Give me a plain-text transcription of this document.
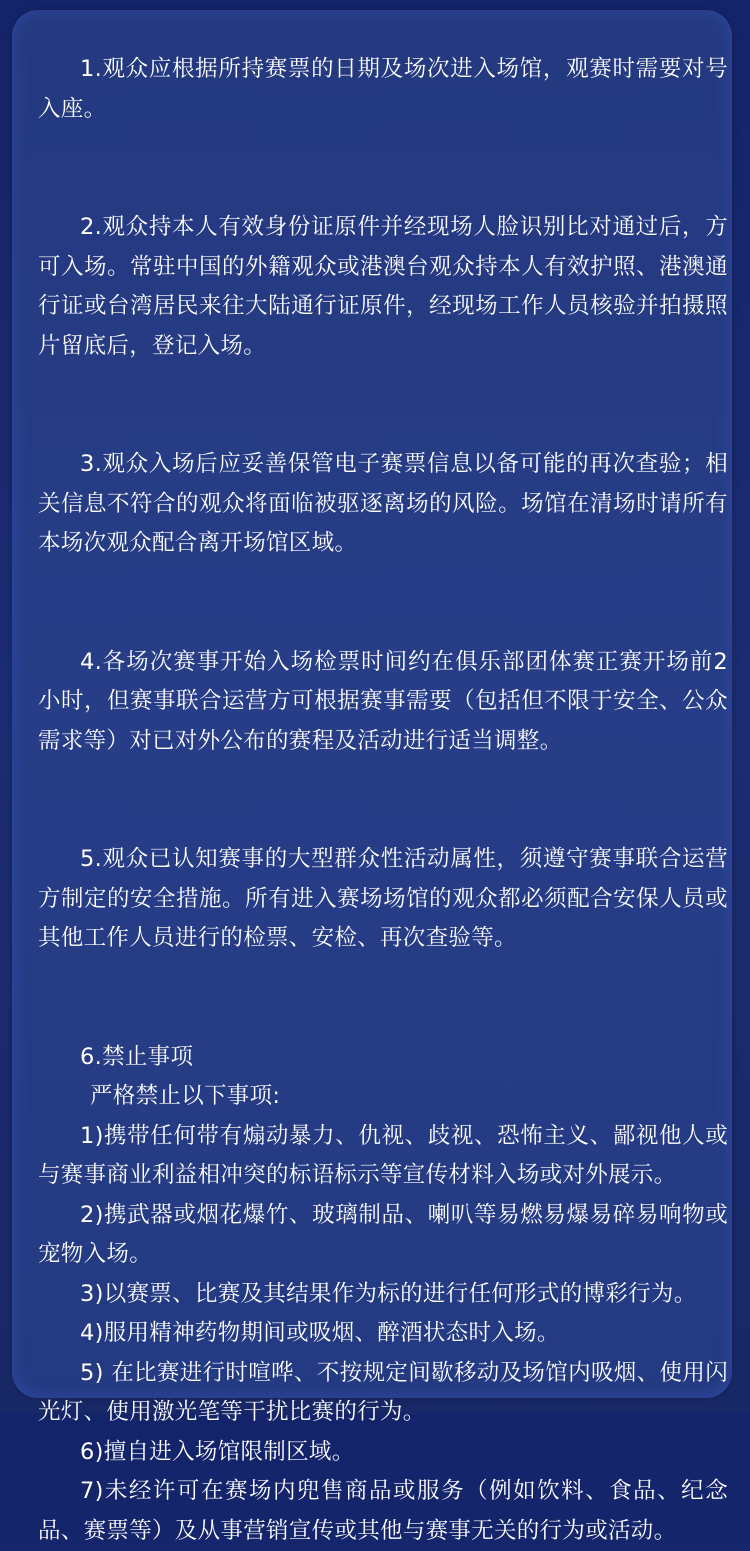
1.观众应根据所持赛票的日期及场次进入场馆，观赛时需要对号入座。

2.观众持本人有效身份证原件并经现场人脸识别比对通过后，方可入场。常驻中国的外籍观众或港澳台观众持本人有效护照、港澳通行证或台湾居民来往大陆通行证原件，经现场工作人员核验并拍摄照片留底后，登记入场。

3.观众入场后应妥善保管电子赛票信息以备可能的再次查验；相关信息不符合的观众将面临被驱逐离场的风险。场馆在清场时请所有本场次观众配合离开场馆区域。

4.各场次赛事开始入场检票时间约在俱乐部团体赛正赛开场前2小时，但赛事联合运营方可根据赛事需要（包括但不限于安全、公众需求等）对已对外公布的赛程及活动进行适当调整。

5.观众已认知赛事的大型群众性活动属性，须遵守赛事联合运营方制定的安全措施。所有进入赛场场馆的观众都必须配合安保人员或其他工作人员进行的检票、安检、再次查验等。

6.禁止事项

严格禁止以下事项:

1)携带任何带有煽动暴力、仇视、歧视、恐怖主义、鄙视他人或与赛事商业利益相冲突的标语标示等宣传材料入场或对外展示。

2)携武器或烟花爆竹、玻璃制品、喇叭等易燃易爆易碎易响物或宠物入场。

3)以赛票、比赛及其结果作为标的进行任何形式的博彩行为。

4)服用精神药物期间或吸烟、醉酒状态时入场。

5) 在比赛进行时喧哗、不按规定间歇移动及场馆内吸烟、使用闪光灯、使用激光笔等干扰比赛的行为。

6)擅自进入场馆限制区域。

7)未经许可在赛场内兜售商品或服务（例如饮料、食品、纪念品、赛票等）及从事营销宣传或其他与赛事无关的行为或活动。
